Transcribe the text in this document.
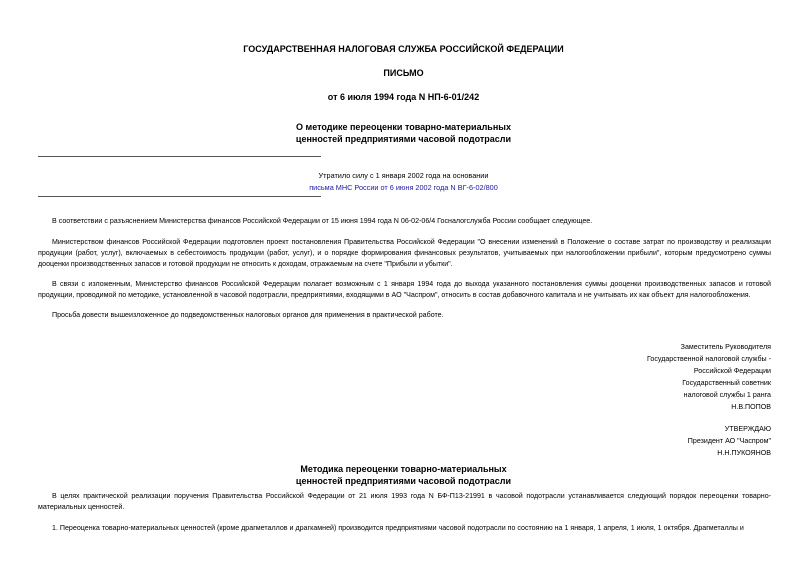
ГОСУДАРСТВЕННАЯ НАЛОГОВАЯ СЛУЖБА РОССИЙСКОЙ ФЕДЕРАЦИИ
ПИСЬМО
от 6 июля 1994 года N НП-6-01/242
О методике переоценки товарно-материальных
ценностей предприятиями часовой подотрасли
Утратило силу с 1 января 2002 года на основании
письма МНС России от 6 июня 2002 года N ВГ-6-02/800
В соответствии с разъяснением Министерства финансов Российской Федерации от 15 июня 1994 года N 06-02-06/4 Госналогслужба России сообщает следующее.
Министерством финансов Российской Федерации подготовлен проект постановления Правительства Российской Федерации "О внесении изменений в Положение о составе затрат по производству и реализации продукции (работ, услуг), включаемых в себестоимость продукции (работ, услуг), и о порядке формирования финансовых результатов, учитываемых при налогообложении прибыли", которым предусмотрено суммы дооценки производственных запасов и готовой продукции не относить к доходам, отражаемым на счете "Прибыли и убытки".
В связи с изложенным, Министерство финансов Российской Федерации полагает возможным с 1 января 1994 года до выхода указанного постановления суммы дооценки производственных запасов и готовой продукции, проводимой по методике, установленной в часовой подотрасли, предприятиями, входящими в АО "Часпром", относить в состав добавочного капитала и не учитывать их как объект для налогообложения.
Просьба довести вышеизложенное до подведомственных налоговых органов для применения в практической работе.
Заместитель Руководителя
Государственной налоговой службы -
Российской Федерации
Государственный советник
налоговой службы 1 ранга
Н.В.ПОПОВ
УТВЕРЖДАЮ
Президент АО "Часпром"
Н.Н.ПУКОЯНОВ
Методика переоценки товарно-материальных
ценностей предприятиями часовой подотрасли
В целях практической реализации поручения Правительства Российской Федерации от 21 июля 1993 года N БФ-П13-21991 в часовой подотрасли устанавливается следующий порядок переоценки товарно-материальных ценностей.
1. Переоценка товарно-материальных ценностей (кроме драгметаллов и драгкамней) производится предприятиями часовой подотрасли по состоянию на 1 января, 1 апреля, 1 июля, 1 октября. Драгметаллы и
